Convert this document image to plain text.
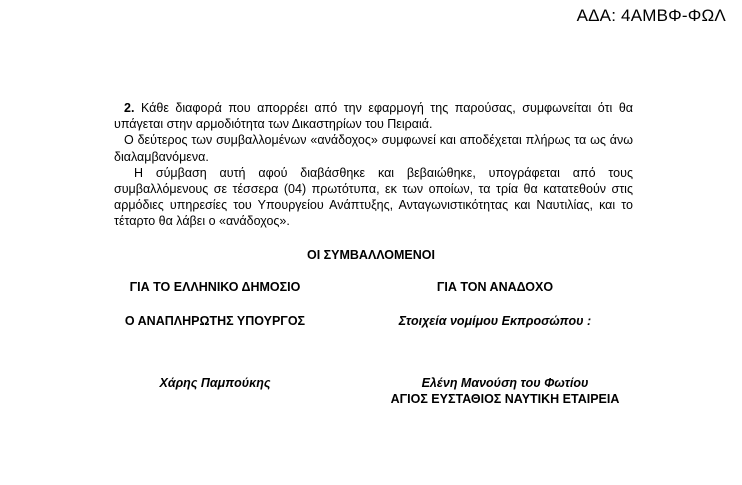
ΑΔΑ: 4ΑΜΒΦ-ΦΩΛ

2. Κάθε διαφορά που απορρέει από την εφαρμογή της παρούσας, συμφωνείται ότι θα υπάγεται στην αρμοδιότητα των Δικαστηρίων του Πειραιά.

Ο δεύτερος των συμβαλλομένων «ανάδοχος» συμφωνεί και αποδέχεται πλήρως τα ως άνω διαλαμβανόμενα.

Η σύμβαση αυτή αφού διαβάσθηκε και βεβαιώθηκε, υπογράφεται από τους συμβαλλόμενους σε τέσσερα (04) πρωτότυπα, εκ των οποίων, τα τρία θα κατατεθούν στις αρμόδιες υπηρεσίες του Υπουργείου Ανάπτυξης, Ανταγωνιστικότητας και Ναυτιλίας, και το τέταρτο θα λάβει ο «ανάδοχος».

ΟΙ ΣΥΜΒΑΛΛΟΜΕΝΟΙ
ΓΙΑ ΤΟ ΕΛΛΗΝΙΚΟ ΔΗΜΟΣΙΟ	ΓΙΑ ΤΟΝ ΑΝΑΔΟΧΟ
Ο ΑΝΑΠΛΗΡΩΤΗΣ ΥΠΟΥΡΓΟΣ	Στοιχεία νομίμου Εκπροσώπου :
Χάρης Παμπούκης	Ελένη Μανούση του Φωτίου
ΑΓΙΟΣ ΕΥΣΤΑΘΙΟΣ ΝΑΥΤΙΚΗ ΕΤΑΙΡΕΙΑ
